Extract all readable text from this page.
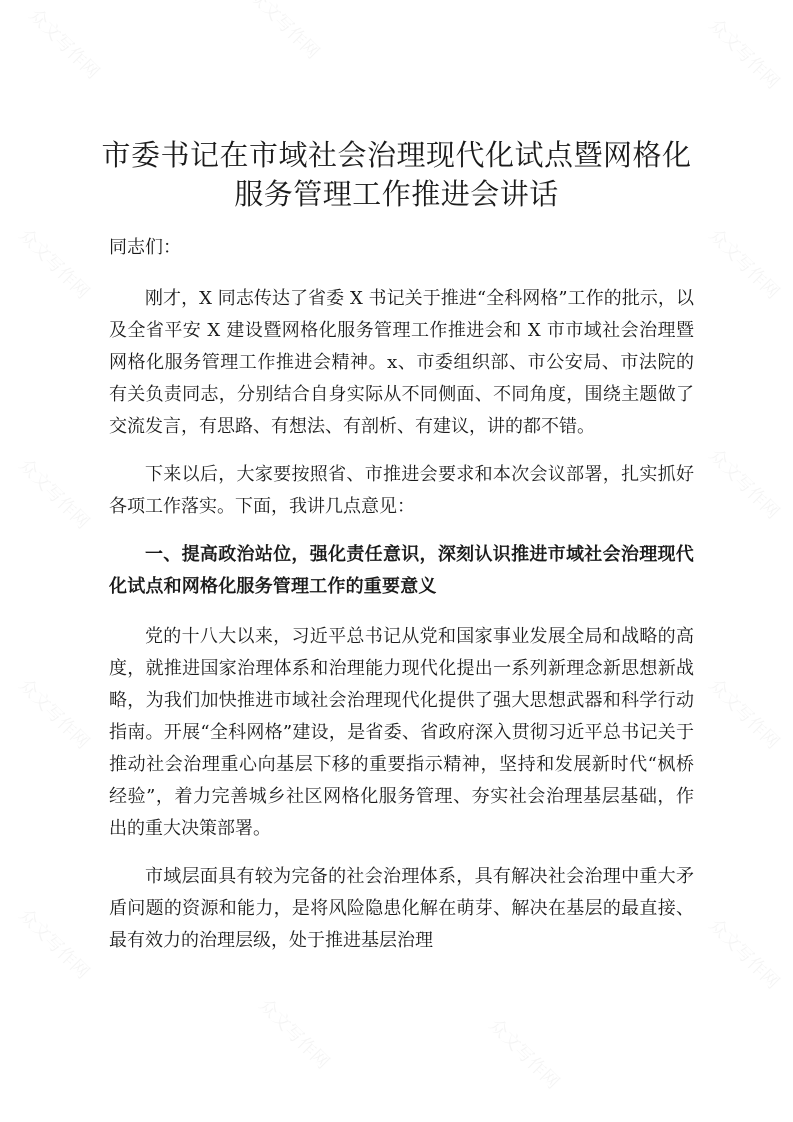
市委书记在市域社会治理现代化试点暨网格化
服务管理工作推进会讲话

同志们：

刚才，X 同志传达了省委 X 书记关于推进“全科网格”工作的批示，以及全省平安 X 建设暨网格化服务管理工作推进会和 X 市市域社会治理暨网格化服务管理工作推进会精神。x、市委组织部、市公安局、市法院的有关负责同志，分别结合自身实际从不同侧面、不同角度，围绕主题做了交流发言，有思路、有想法、有剖析、有建议，讲的都不错。

下来以后，大家要按照省、市推进会要求和本次会议部署，扎实抓好各项工作落实。下面，我讲几点意见：

一、提高政治站位，强化责任意识，深刻认识推进市域社会治理现代化试点和网格化服务管理工作的重要意义

党的十八大以来，习近平总书记从党和国家事业发展全局和战略的高度，就推进国家治理体系和治理能力现代化提出一系列新理念新思想新战略，为我们加快推进市域社会治理现代化提供了强大思想武器和科学行动指南。开展“全科网格”建设，是省委、省政府深入贯彻习近平总书记关于推动社会治理重心向基层下移的重要指示精神，坚持和发展新时代“枫桥经验”，着力完善城乡社区网格化服务管理、夯实社会治理基层基础，作出的重大决策部署。

市域层面具有较为完备的社会治理体系，具有解决社会治理中重大矛盾问题的资源和能力，是将风险隐患化解在萌芽、解决在基层的最直接、最有效力的治理层级，处于推进基层治理
